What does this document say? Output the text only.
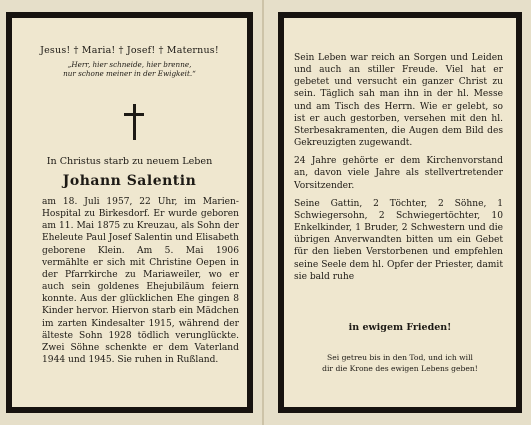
Jesus! † Maria! † Josef! † Maternus!
„Herr, hier schneide, hier brenne,
nur schone meiner in der Ewigkeit.“
In Christus starb zu neuem Leben
Johann Salentin
am 18. Juli 1957, 22 Uhr, im Marien-Hospital zu Birkesdorf. Er wurde geboren am 11. Mai 1875 zu Kreuzau, als Sohn der Eheleute Paul Josef Salentin und Elisabeth geborene Klein. Am 5. Mai 1906 vermählte er sich mit Christine Oepen in der Pfarrkirche zu Mariaweiler, wo er auch sein goldenes Ehejubiläum feiern konnte. Aus der glücklichen Ehe gingen 8 Kinder hervor. Hiervon starb ein Mädchen im zarten Kindesalter 1915, während der älteste Sohn 1928 tödlich verunglückte. Zwei Söhne schenkte er dem Vaterland 1944 und 1945. Sie ruhen in Rußland.

Sein Leben war reich an Sorgen und Leiden und auch an stiller Freude. Viel hat er gebetet und versucht ein ganzer Christ zu sein. Täglich sah man ihn in der hl. Messe und am Tisch des Herrn. Wie er gelebt, so ist er auch gestorben, versehen mit den hl. Sterbesakramenten, die Augen dem Bild des Gekreuzigten zugewandt.

24 Jahre gehörte er dem Kirchenvorstand an, davon viele Jahre als stellvertretender Vorsitzender.

Seine Gattin, 2 Töchter, 2 Söhne, 1 Schwiegersohn, 2 Schwiegertöchter, 10 Enkelkinder, 1 Bruder, 2 Schwestern und die übrigen Anverwandten bitten um ein Gebet für den lieben Verstorbenen und empfehlen seine Seele dem hl. Opfer der Priester, damit sie bald ruhe

in ewigem Frieden!
Sei getreu bis in den Tod, und ich will
dir die Krone des ewigen Lebens geben!
